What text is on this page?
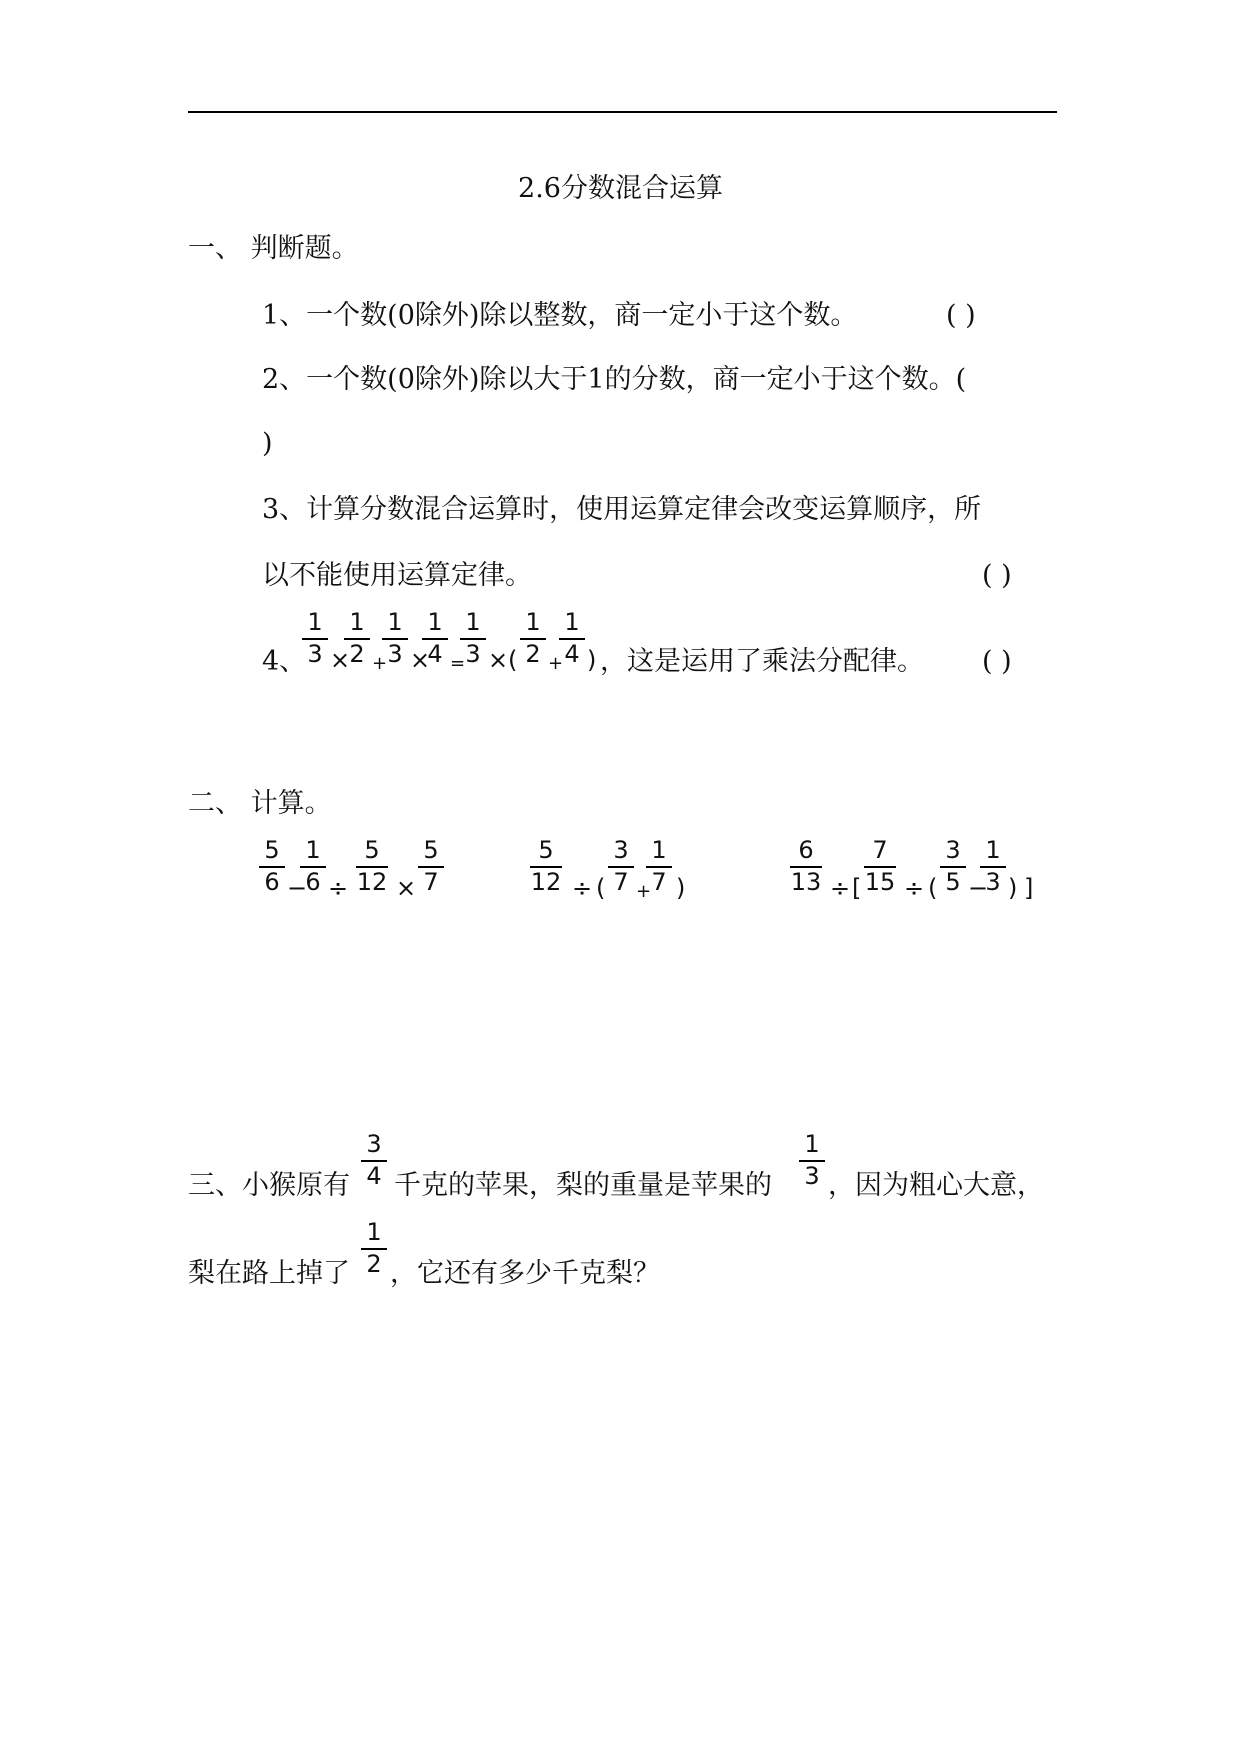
2.6分数混合运算
一、 判断题。
1、一个数(0除外)除以整数，商一定小于这个数。	( )
2、一个数(0除外)除以大于1的分数，商一定小于这个数。(
)
3、计算分数混合运算时，使用运算定律会改变运算顺序，所
以不能使用运算定律。	( )
4、
1
3 ×
1
2 +
1
3 ×
1
4 =
1
3 × (
1
2 +
1
4 ) ，这是运用了乘法分配律。 ( )
二、 计算。
5
6 −
1
6 ÷
5
12 ×
5
7
5
12 ÷ (
3
7 +
1
7 )
6
13 ÷ [
7
15 ÷ (
3
5 −
1
3 ) ]
三、小猴原有
3
4 千克的苹果，梨的重量是苹果的
1
3 ，因为粗心大意，
梨在路上掉了
1
2 ，它还有多少千克梨？
